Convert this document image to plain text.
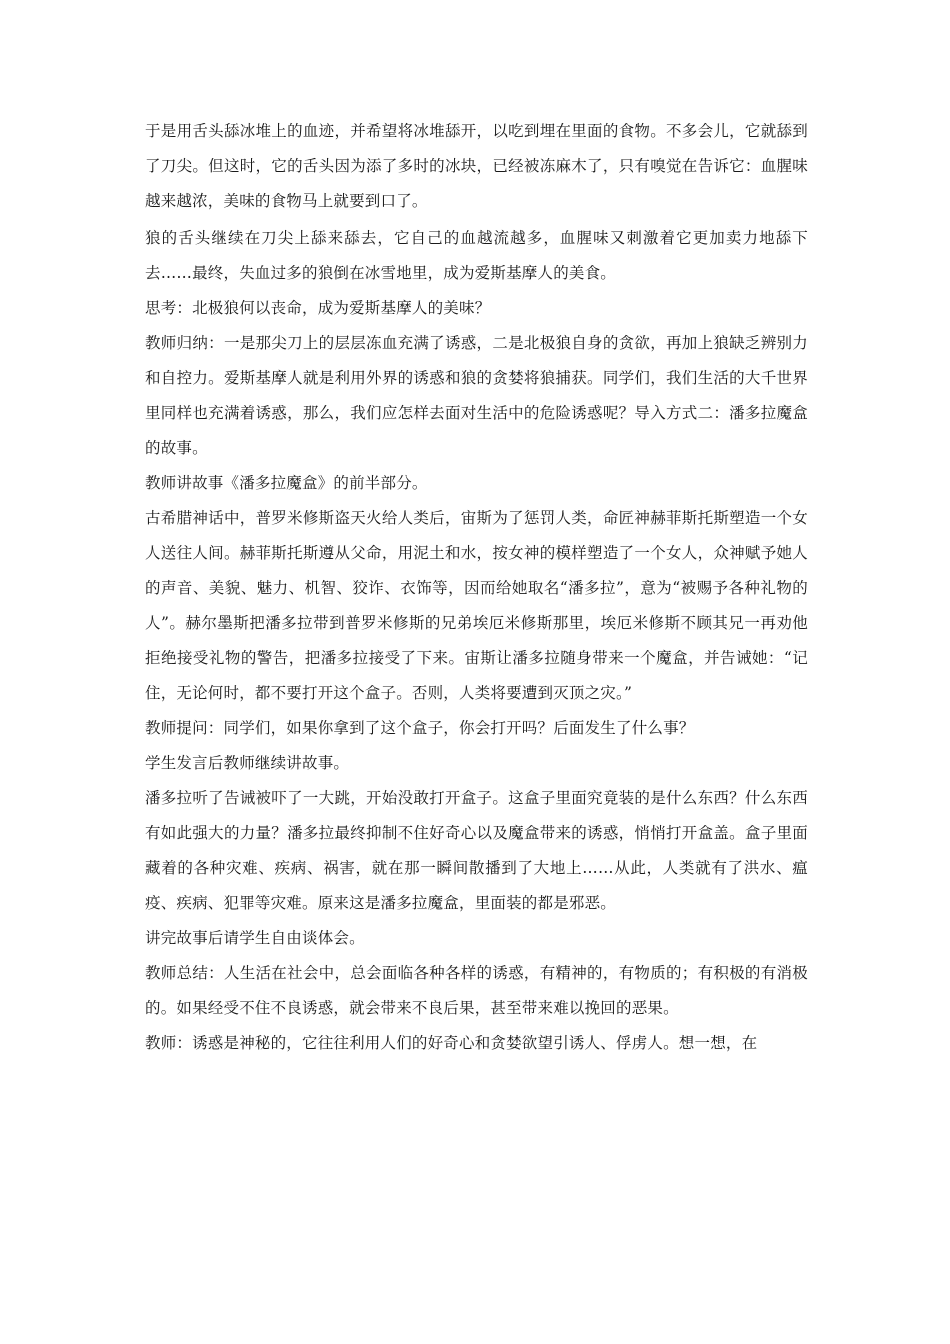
于是用舌头舔冰堆上的血迹，并希望将冰堆舔开，以吃到埋在里面的食物。不多会儿，它就舔到了刀尖。但这时，它的舌头因为添了多时的冰块，已经被冻麻木了，只有嗅觉在告诉它：血腥味越来越浓，美味的食物马上就要到口了。

狼的舌头继续在刀尖上舔来舔去，它自己的血越流越多，血腥味又刺激着它更加卖力地舔下去……最终，失血过多的狼倒在冰雪地里，成为爱斯基摩人的美食。

思考：北极狼何以丧命，成为爱斯基摩人的美味？

教师归纳：一是那尖刀上的层层冻血充满了诱惑，二是北极狼自身的贪欲，再加上狼缺乏辨别力和自控力。爱斯基摩人就是利用外界的诱惑和狼的贪婪将狼捕获。同学们，我们生活的大千世界里同样也充满着诱惑，那么，我们应怎样去面对生活中的危险诱惑呢？导入方式二：潘多拉魔盒的故事。

教师讲故事《潘多拉魔盒》的前半部分。

古希腊神话中，普罗米修斯盗天火给人类后，宙斯为了惩罚人类，命匠神赫菲斯托斯塑造一个女人送往人间。赫菲斯托斯遵从父命，用泥土和水，按女神的模样塑造了一个女人，众神赋予她人的声音、美貌、魅力、机智、狡诈、衣饰等，因而给她取名“潘多拉”，意为“被赐予各种礼物的人”。赫尔墨斯把潘多拉带到普罗米修斯的兄弟埃厄米修斯那里，埃厄米修斯不顾其兄一再劝他拒绝接受礼物的警告，把潘多拉接受了下来。宙斯让潘多拉随身带来一个魔盒，并告诫她：“记住，无论何时，都不要打开这个盒子。否则，人类将要遭到灭顶之灾。”

教师提问：同学们，如果你拿到了这个盒子，你会打开吗？后面发生了什么事？

学生发言后教师继续讲故事。

潘多拉听了告诫被吓了一大跳，开始没敢打开盒子。这盒子里面究竟装的是什么东西？什么东西有如此强大的力量？潘多拉最终抑制不住好奇心以及魔盒带来的诱惑，悄悄打开盒盖。盒子里面藏着的各种灾难、疾病、祸害，就在那一瞬间散播到了大地上……从此，人类就有了洪水、瘟疫、疾病、犯罪等灾难。原来这是潘多拉魔盒，里面装的都是邪恶。

讲完故事后请学生自由谈体会。

教师总结：人生活在社会中，总会面临各种各样的诱惑，有精神的，有物质的；有积极的有消极的。如果经受不住不良诱惑，就会带来不良后果，甚至带来难以挽回的恶果。

教师：诱惑是神秘的，它往往利用人们的好奇心和贪婪欲望引诱人、俘虏人。想一想，在
